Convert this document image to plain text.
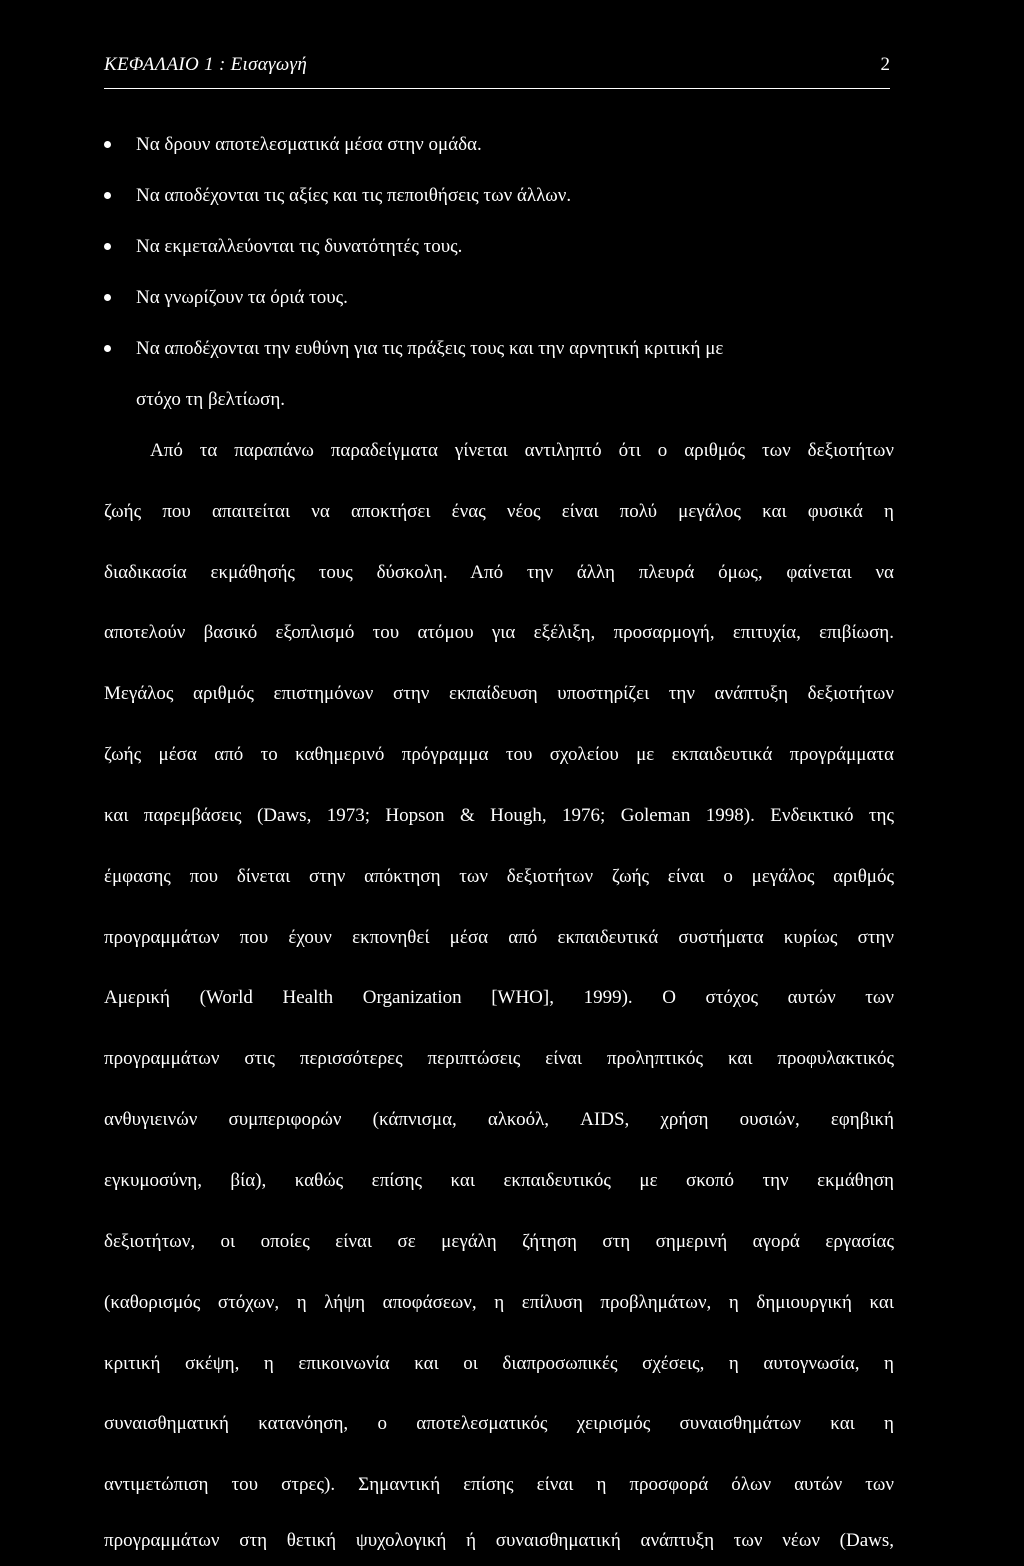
ΚΕΦΑΛΑΙΟ 1 : Εισαγωγή	2
Να δρουν αποτελεσματικά μέσα στην ομάδα.
Να αποδέχονται τις αξίες και τις πεποιθήσεις των άλλων.
Να εκμεταλλεύονται τις δυνατότητές τους.
Να γνωρίζουν τα όριά τους.
Να αποδέχονται την ευθύνη για τις πράξεις τους και την αρνητική κριτική με
στόχο τη βελτίωση.
Από τα παραπάνω παραδείγματα γίνεται αντιληπτό ότι ο αριθμός των δεξιοτήτων
ζωής που απαιτείται να αποκτήσει ένας νέος είναι πολύ μεγάλος και φυσικά η
διαδικασία εκμάθησής τους δύσκολη. Από την άλλη πλευρά όμως, φαίνεται να
αποτελούν βασικό εξοπλισμό του ατόμου για εξέλιξη, προσαρμογή, επιτυχία, επιβίωση.
Μεγάλος αριθμός επιστημόνων στην εκπαίδευση υποστηρίζει την ανάπτυξη δεξιοτήτων
ζωής μέσα από το καθημερινό πρόγραμμα του σχολείου με εκπαιδευτικά προγράμματα
και παρεμβάσεις (Daws, 1973; Hopson & Hough, 1976; Goleman 1998). Ενδεικτικό της
έμφασης που δίνεται στην απόκτηση των δεξιοτήτων ζωής είναι ο μεγάλος αριθμός
προγραμμάτων που έχουν εκπονηθεί μέσα από εκπαιδευτικά συστήματα κυρίως στην
Αμερική (World Health Organization [WHO], 1999). Ο στόχος αυτών των
προγραμμάτων στις περισσότερες περιπτώσεις είναι προληπτικός και προφυλακτικός
ανθυγιεινών συμπεριφορών (κάπνισμα, αλκοόλ, AIDS, χρήση ουσιών, εφηβική
εγκυμοσύνη, βία), καθώς επίσης και εκπαιδευτικός με σκοπό την εκμάθηση
δεξιοτήτων, οι οποίες είναι σε μεγάλη ζήτηση στη σημερινή αγορά εργασίας
(καθορισμός στόχων, η λήψη αποφάσεων, η επίλυση προβλημάτων, η δημιουργική και
κριτική σκέψη, η επικοινωνία και οι διαπροσωπικές σχέσεις, η αυτογνωσία, η
συναισθηματική κατανόηση, ο αποτελεσματικός χειρισμός συναισθημάτων και η
αντιμετώπιση του στρες). Σημαντική επίσης είναι η προσφορά όλων αυτών των
προγραμμάτων στη θετική ψυχολογική ή συναισθηματική ανάπτυξη των νέων (Daws,
